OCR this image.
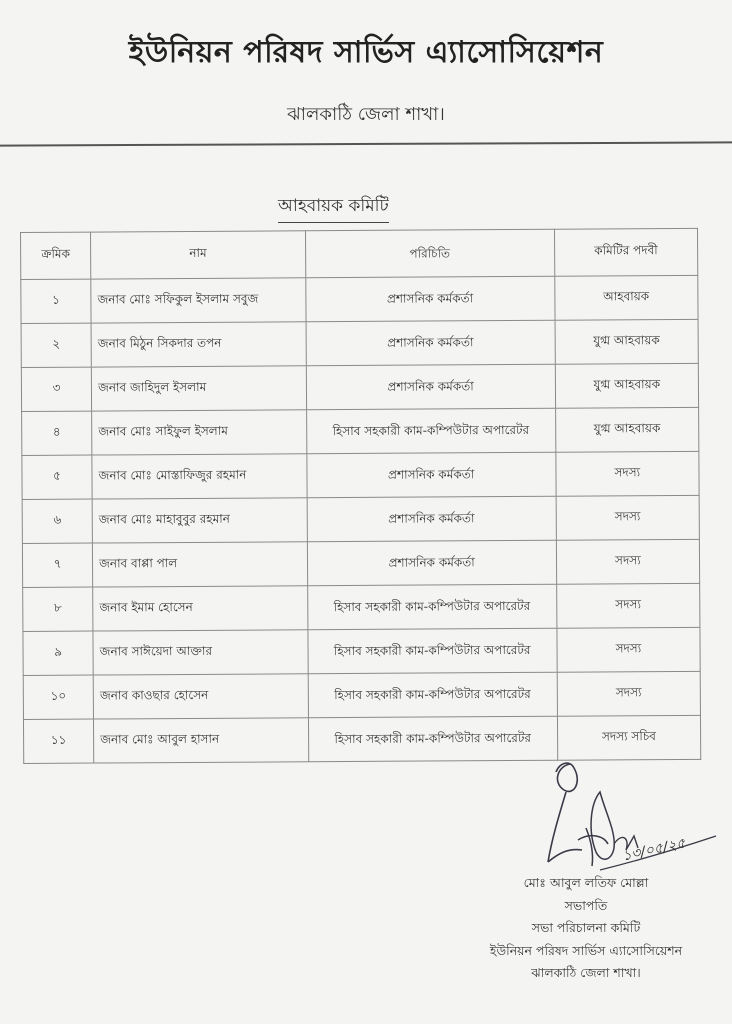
ইউনিয়ন পরিষদ সার্ভিস এ্যাসোসিয়েশন
ঝালকাঠি জেলা শাখা।
আহবায়ক কমিটি
ক্রমিক	নাম	পরিচিতি	কমিটির পদবী
১	জনাব মোঃ সফিকুল ইসলাম সবুজ	প্রশাসনিক কর্মকর্তা	আহবায়ক
২	জনাব মিঠুন সিকদার তপন	প্রশাসনিক কর্মকর্তা	যুগ্ম আহবায়ক
৩	জনাব জাহিদুল ইসলাম	প্রশাসনিক কর্মকর্তা	যুগ্ম আহবায়ক
৪	জনাব মোঃ সাইফুল ইসলাম	হিসাব সহকারী কাম-কম্পিউটার অপারেটর	যুগ্ম আহবায়ক
৫	জনাব মোঃ মোস্তাফিজুর রহমান	প্রশাসনিক কর্মকর্তা	সদস্য
৬	জনাব মোঃ মাহাবুবুর রহমান	প্রশাসনিক কর্মকর্তা	সদস্য
৭	জনাব বাপ্পা পাল	প্রশাসনিক কর্মকর্তা	সদস্য
৮	জনাব ইমাম হোসেন	হিসাব সহকারী কাম-কম্পিউটার অপারেটর	সদস্য
৯	জনাব সাঈয়েদা আক্তার	হিসাব সহকারী কাম-কম্পিউটার অপারেটর	সদস্য
১০	জনাব কাওছার হোসেন	হিসাব সহকারী কাম-কম্পিউটার অপারেটর	সদস্য
১১	জনাব মোঃ আবুল হাসান	হিসাব সহকারী কাম-কম্পিউটার অপারেটর	সদস্য সচিব
১৩/০৫/২৫
মোঃ আবুল লতিফ মোল্লা
সভাপতি
সভা পরিচালনা কমিটি
ইউনিয়ন পরিষদ সার্ভিস এ্যাসোসিয়েশন
ঝালকাঠি জেলা শাখা।
